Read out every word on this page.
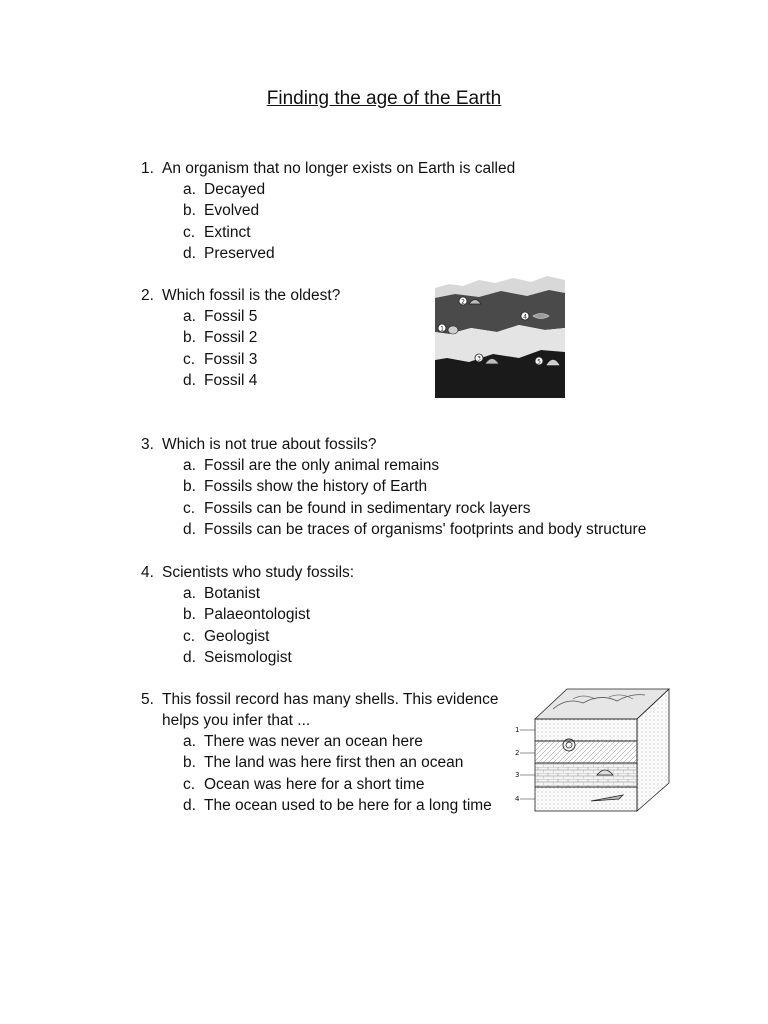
Finding the age of the Earth
1. An organism that no longer exists on Earth is called
a. Decayed
b. Evolved
c. Extinct
d. Preserved
2. Which fossil is the oldest?
a. Fossil 5
b. Fossil 2
c. Fossil 3
d. Fossil 4
2
4
1
3	5
3. Which is not true about fossils?
a. Fossil are the only animal remains
b. Fossils show the history of Earth
c. Fossils can be found in sedimentary rock layers
d. Fossils can be traces of organisms' footprints and body structure
4. Scientists who study fossils:
a. Botanist
b. Palaeontologist
c. Geologist
d. Seismologist
5. This fossil record has many shells. This evidence
helps you infer that ...
a. There was never an ocean here
b. The land was here first then an ocean
c. Ocean was here for a short time
d. The ocean used to be here for a long time
1
2
3
4
